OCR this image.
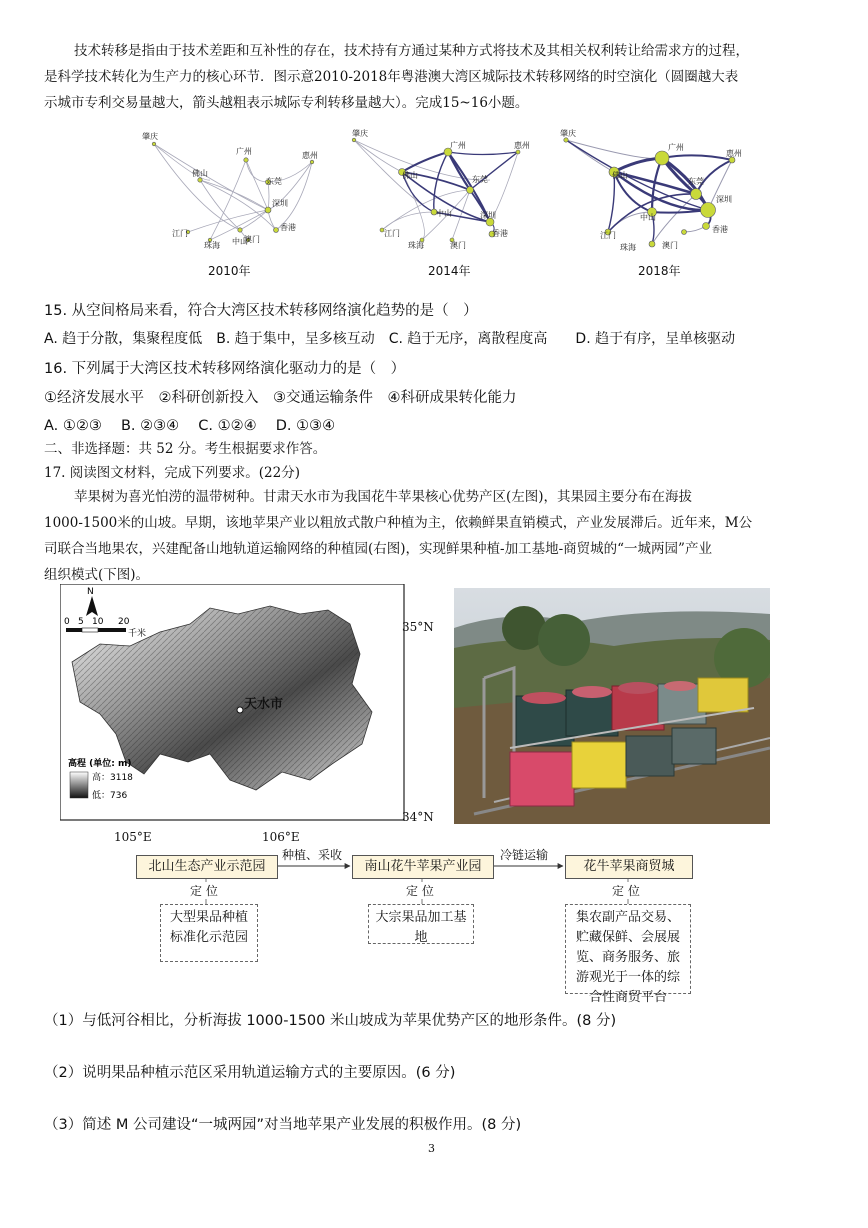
技术转移是指由于技术差距和互补性的存在，技术持有方通过某种方式将技术及其相关权利转让给需求方的过程，
是科学技术转化为生产力的核心环节．图示意2010-2018年粤港澳大湾区城际技术转移网络的时空演化（圆圈越大表
示城市专利交易量越大，箭头越粗表示城际专利转移量越大）。完成15~16小题。
肇庆
广州	惠州
佛山
东莞
深圳
中山
江门
珠海
澳门
香港
2010年
肇庆
广州	惠州
佛山	东莞
深圳
中山
江门
珠海	澳门
香港
2014年
肇庆
广州
惠州
佛山
东莞
深圳
中山
江门
珠海	澳门
香港
2018年
15. 从空间格局来看，符合大湾区技术转移网络演化趋势的是（　）
A. 趋于分散，集聚程度低　B. 趋于集中，呈多核互动　C. 趋于无序，离散程度高　　D. 趋于有序，呈单核驱动
16. 下列属于大湾区技术转移网络演化驱动力的是（　）
①经济发展水平　②科研创新投入　③交通运输条件　④科研成果转化能力
A. ①②③　 B. ②③④　 C. ①②④　 D. ①③④
二、非选择题：共 52 分。考生根据要求作答。
17. 阅读图文材料，完成下列要求。(22分)
苹果树为喜光怕涝的温带树种。甘肃天水市为我国花牛苹果核心优势产区(左图)，其果园主要分布在海拔
1000-1500米的山坡。早期，该地苹果产业以粗放式散户种植为主，依赖鲜果直销模式，产业发展滞后。近年来，M公
司联合当地果农，兴建配备山地轨道运输网络的种植园(右图)，实现鲜果种植-加工基地-商贸城的“一城两园”产业
组织模式(下图)。
N
0 5 10 20
千米
天水市
高程 (单位: m)
高：3118
低：736
35°N
34°N
105°E	106°E
北山生态产业示范园	南山花牛苹果产业园	花牛苹果商贸城
种植、采收	冷链运输
定 位	定 位	定 位
大型果品种植标准化示范园
大宗果品加工基地
集农副产品交易、贮藏保鲜、会展展览、商务服务、旅游观光于一体的综合性商贸平台
（1）与低河谷相比，分析海拔 1000-1500 米山坡成为苹果优势产区的地形条件。(8 分)
（2）说明果品种植示范区采用轨道运输方式的主要原因。(6 分)
（3）简述 M 公司建设“一城两园”对当地苹果产业发展的积极作用。(8 分)
3
